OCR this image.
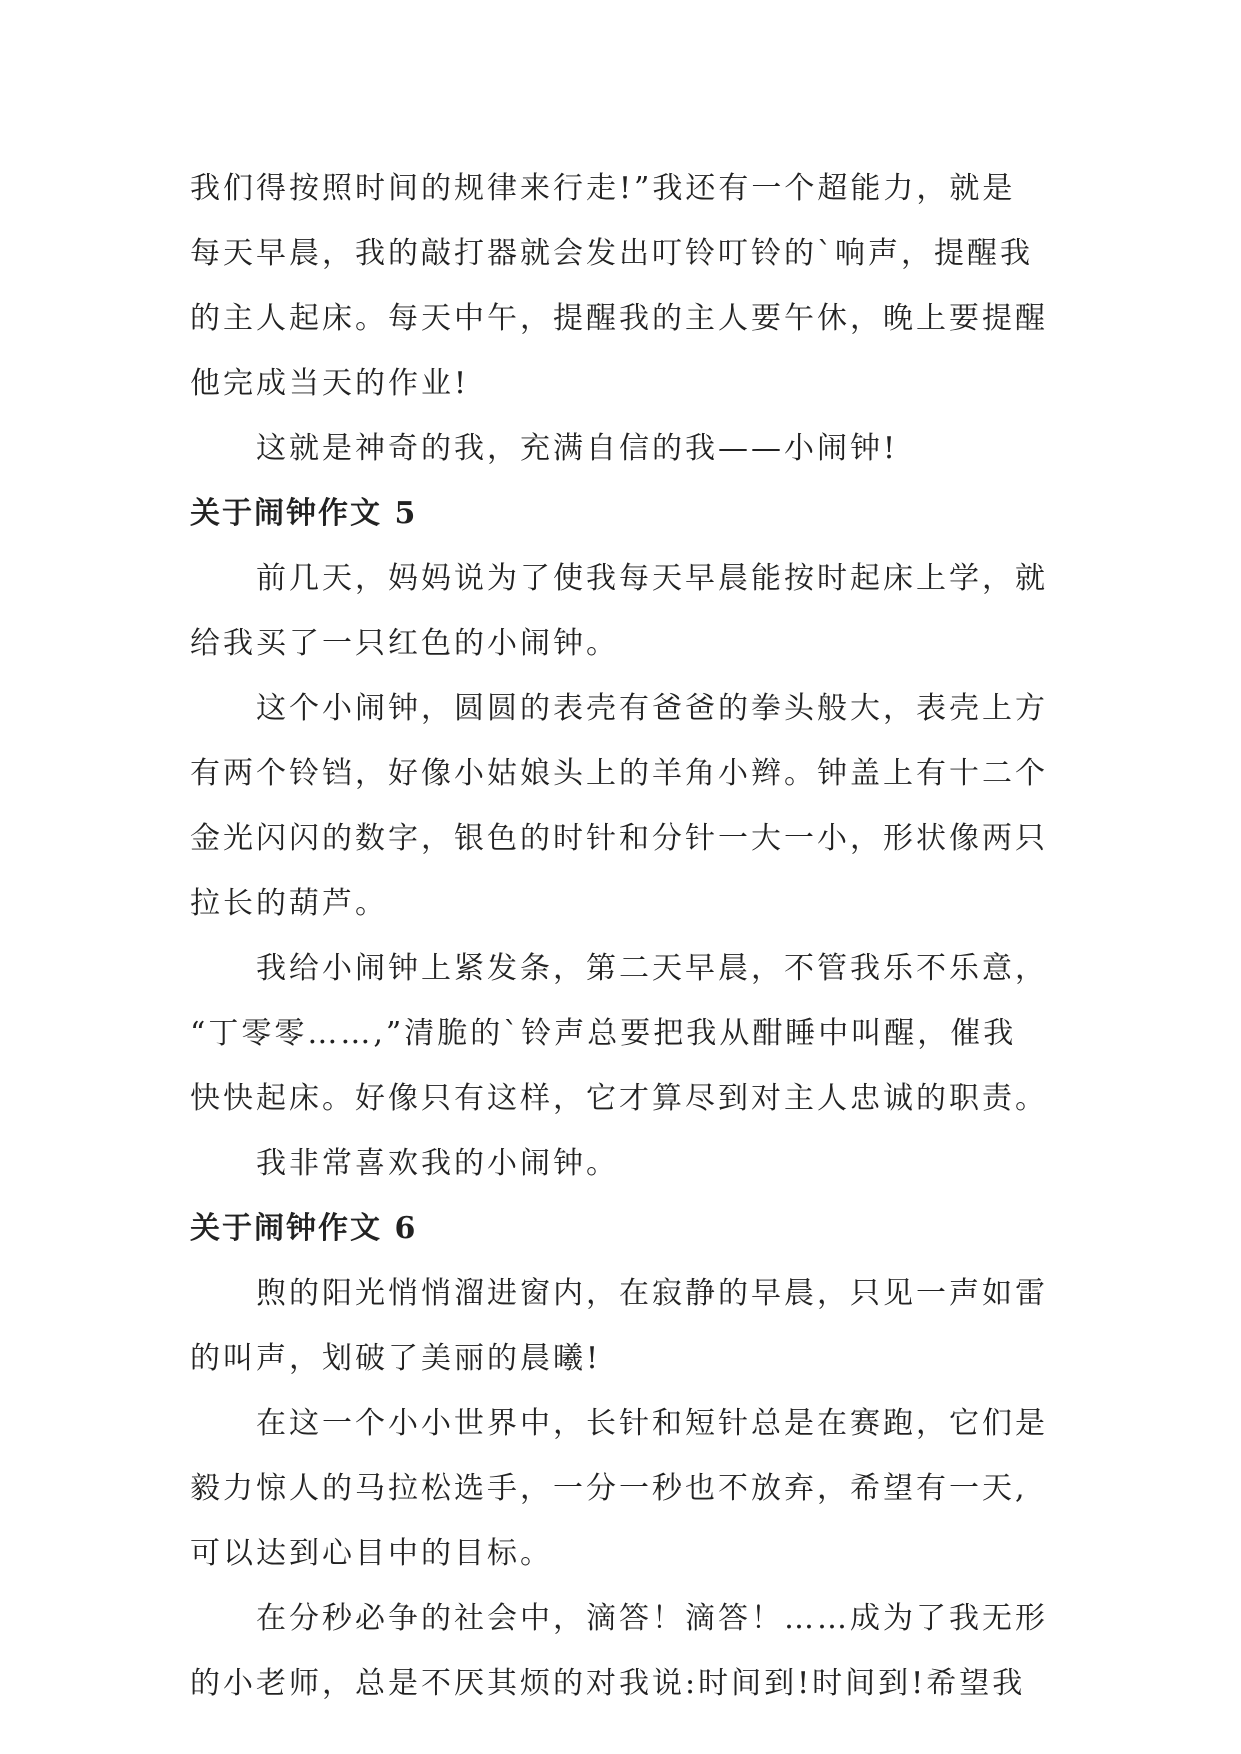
我们得按照时间的规律来行走!”我还有一个超能力，就是
每天早晨，我的敲打器就会发出叮铃叮铃的`响声，提醒我
的主人起床。每天中午，提醒我的主人要午休，晚上要提醒
他完成当天的作业!

这就是神奇的我，充满自信的我——小闹钟!

关于闹钟作文 5

前几天，妈妈说为了使我每天早晨能按时起床上学，就
给我买了一只红色的小闹钟。

这个小闹钟，圆圆的表壳有爸爸的拳头般大，表壳上方
有两个铃铛，好像小姑娘头上的羊角小辫。钟盖上有十二个
金光闪闪的数字，银色的时针和分针一大一小，形状像两只
拉长的葫芦。

我给小闹钟上紧发条，第二天早晨，不管我乐不乐意，
“丁零零……,”清脆的`铃声总要把我从酣睡中叫醒，催我
快快起床。好像只有这样，它才算尽到对主人忠诚的职责。

我非常喜欢我的小闹钟。

关于闹钟作文 6

煦的阳光悄悄溜进窗内，在寂静的早晨，只见一声如雷
的叫声，划破了美丽的晨曦!

在这一个小小世界中，长针和短针总是在赛跑，它们是
毅力惊人的马拉松选手，一分一秒也不放弃，希望有一天,
可以达到心目中的目标。

在分秒必争的社会中，滴答！滴答！……成为了我无形
的小老师，总是不厌其烦的对我说:时间到!时间到!希望我
